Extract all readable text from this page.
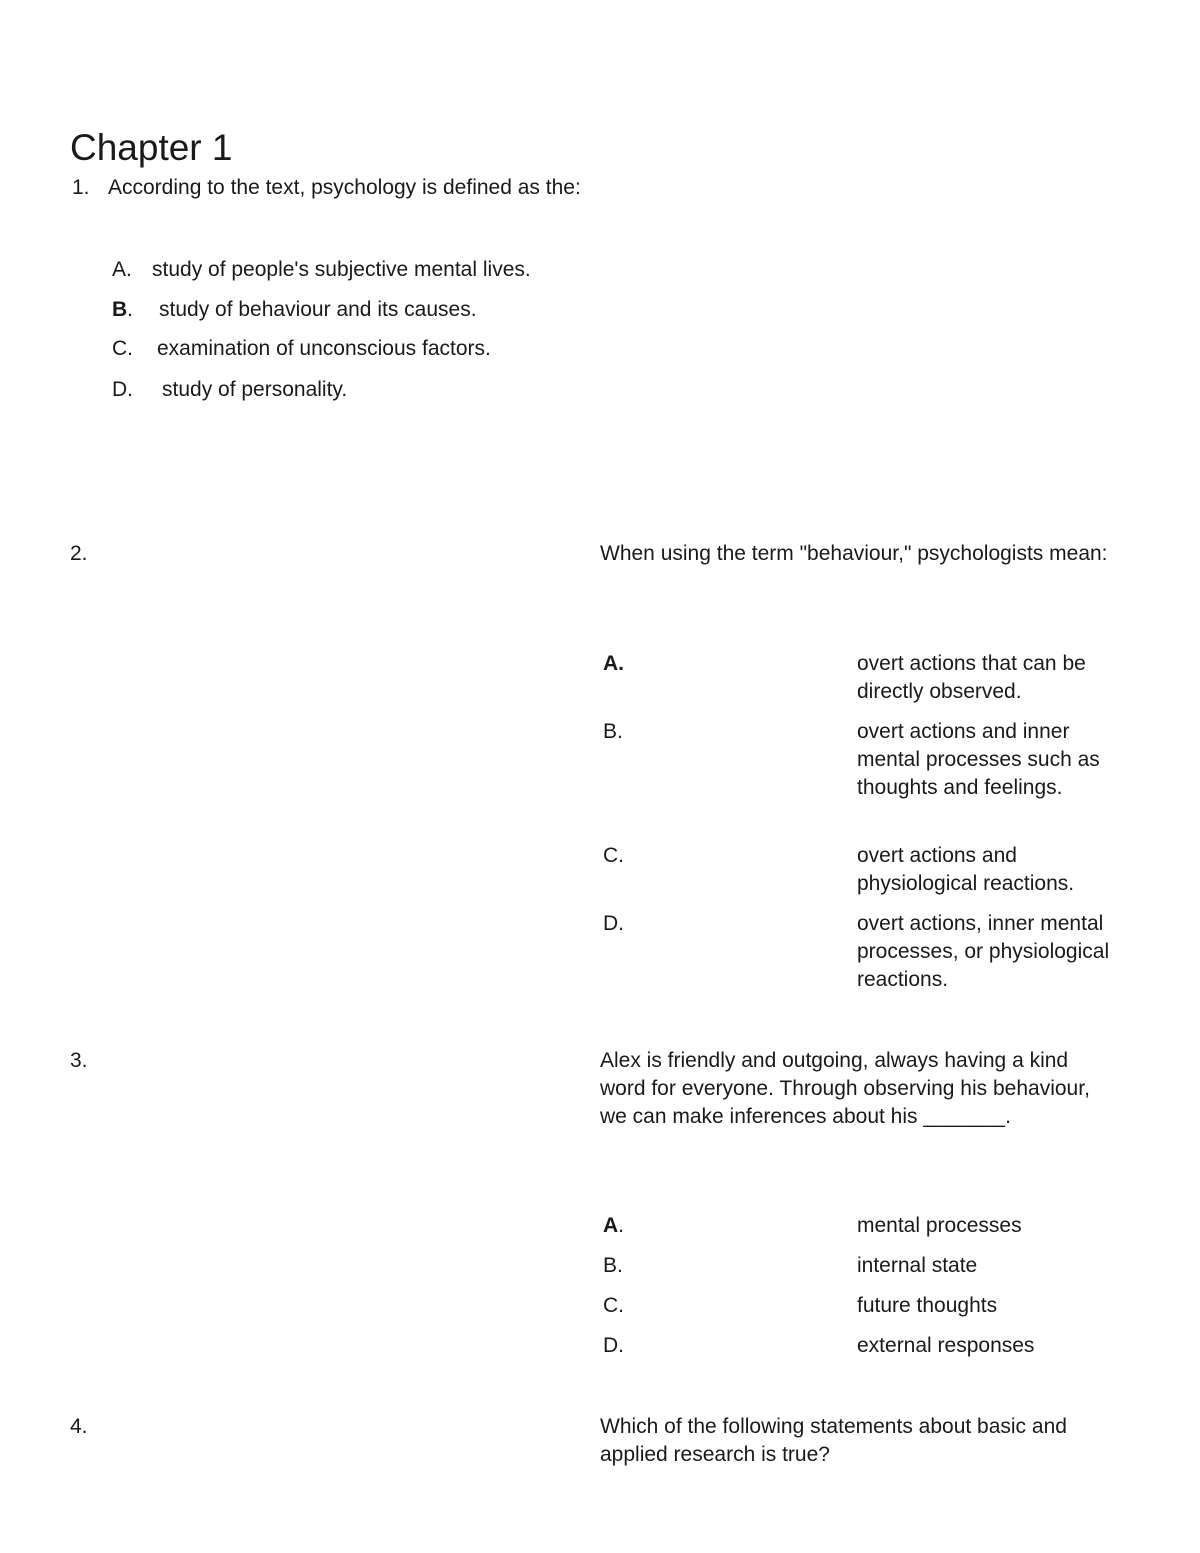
Chapter 1
1. According to the text, psychology is defined as the:
A. study of people's subjective mental lives.
B. study of behaviour and its causes.
C. examination of unconscious factors.
D. study of personality.
2.	When using the term "behaviour," psychologists mean:
A.	overt actions that can be directly observed.
B.	overt actions and inner mental processes such as thoughts and feelings.
C.	overt actions and physiological reactions.
D.	overt actions, inner mental processes, or physiological reactions.
3.	Alex is friendly and outgoing, always having a kind word for everyone. Through observing his behaviour, we can make inferences about his _______.
A.	mental processes
B.	internal state
C.	future thoughts
D.	external responses
4.	Which of the following statements about basic and applied research is true?
